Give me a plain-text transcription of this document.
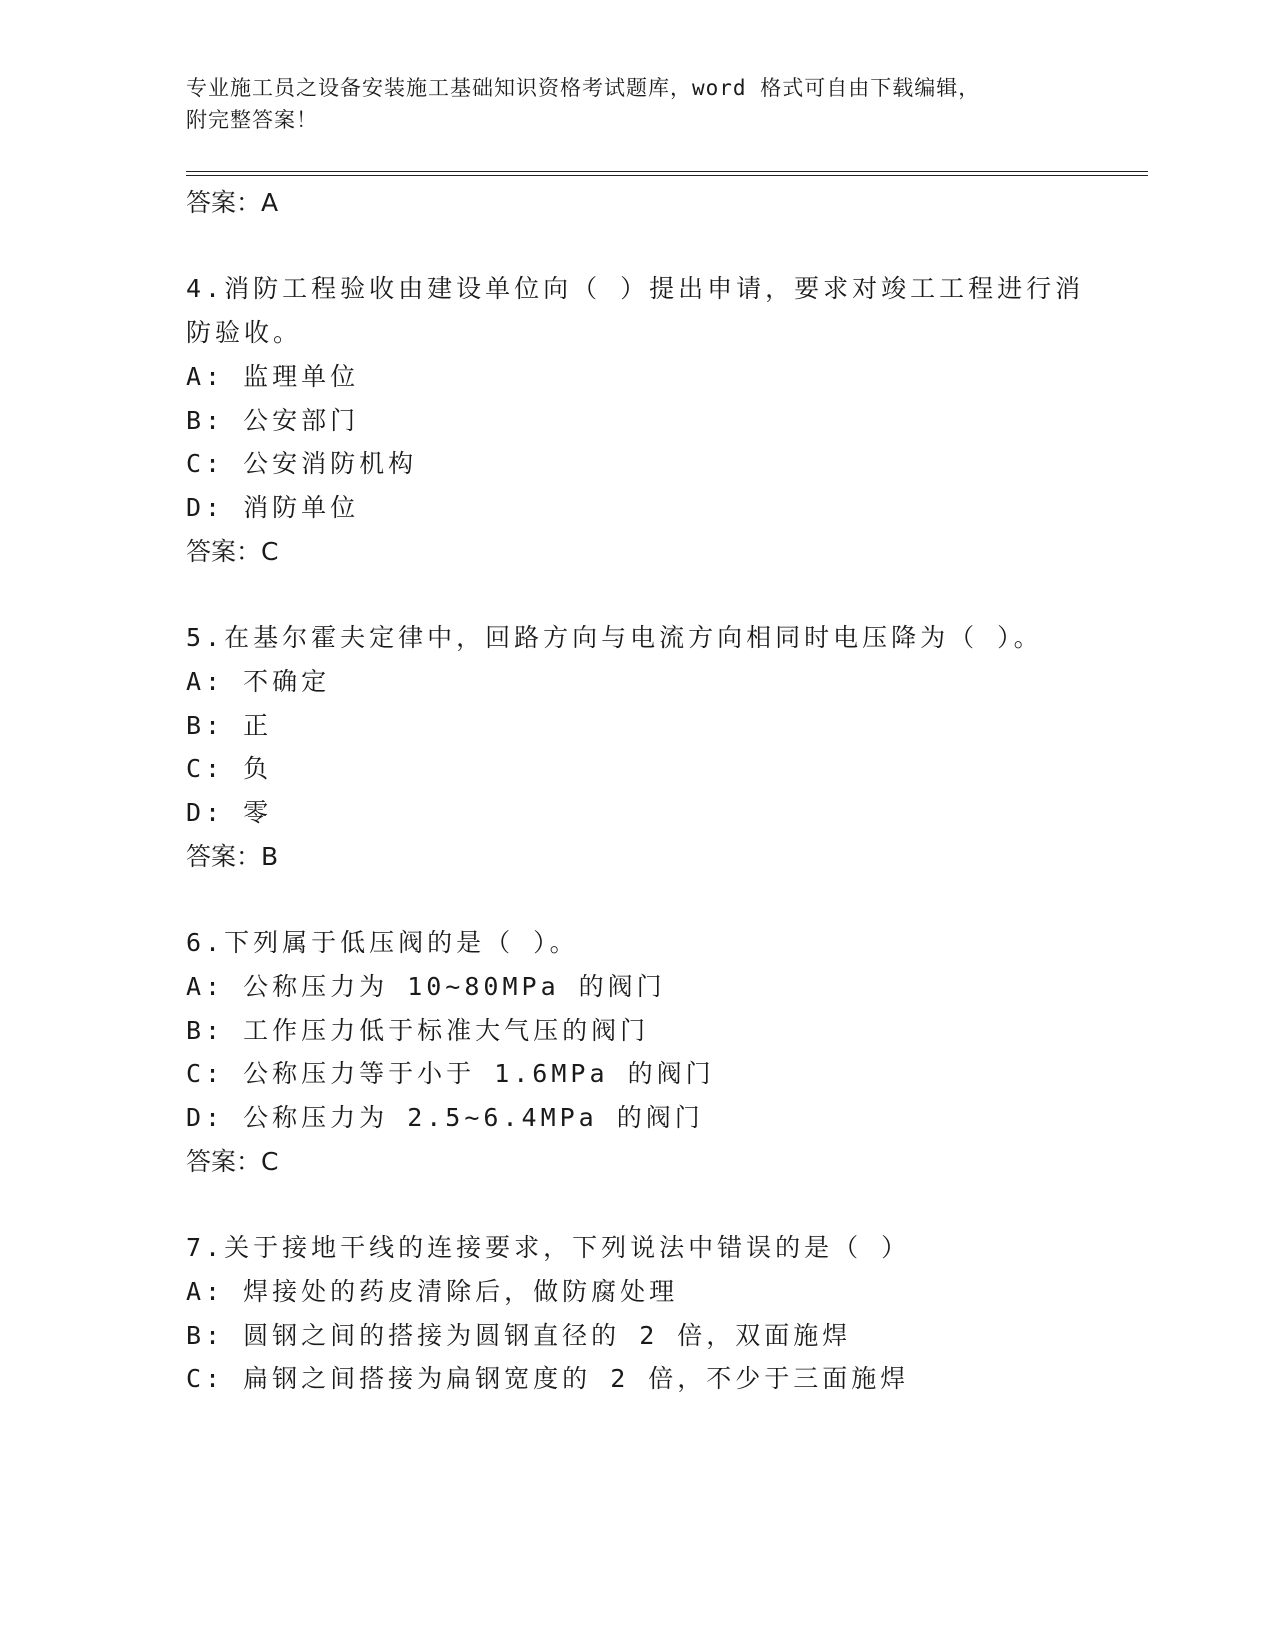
专业施工员之设备安装施工基础知识资格考试题库，word 格式可自由下载编辑，
附完整答案！
答案：A
4.消防工程验收由建设单位向（ ）提出申请，要求对竣工工程进行消
防验收。
A: 监理单位
B: 公安部门
C: 公安消防机构
D: 消防单位
答案：C
5.在基尔霍夫定律中，回路方向与电流方向相同时电压降为（ ）。
A: 不确定
B: 正
C: 负
D: 零
答案：B
6.下列属于低压阀的是（ ）。
A: 公称压力为 10~80MPa 的阀门
B: 工作压力低于标准大气压的阀门
C: 公称压力等于小于 1.6MPa 的阀门
D: 公称压力为 2.5~6.4MPa 的阀门
答案：C
7.关于接地干线的连接要求，下列说法中错误的是（ ）
A: 焊接处的药皮清除后，做防腐处理
B: 圆钢之间的搭接为圆钢直径的 2 倍，双面施焊
C: 扁钢之间搭接为扁钢宽度的 2 倍，不少于三面施焊
